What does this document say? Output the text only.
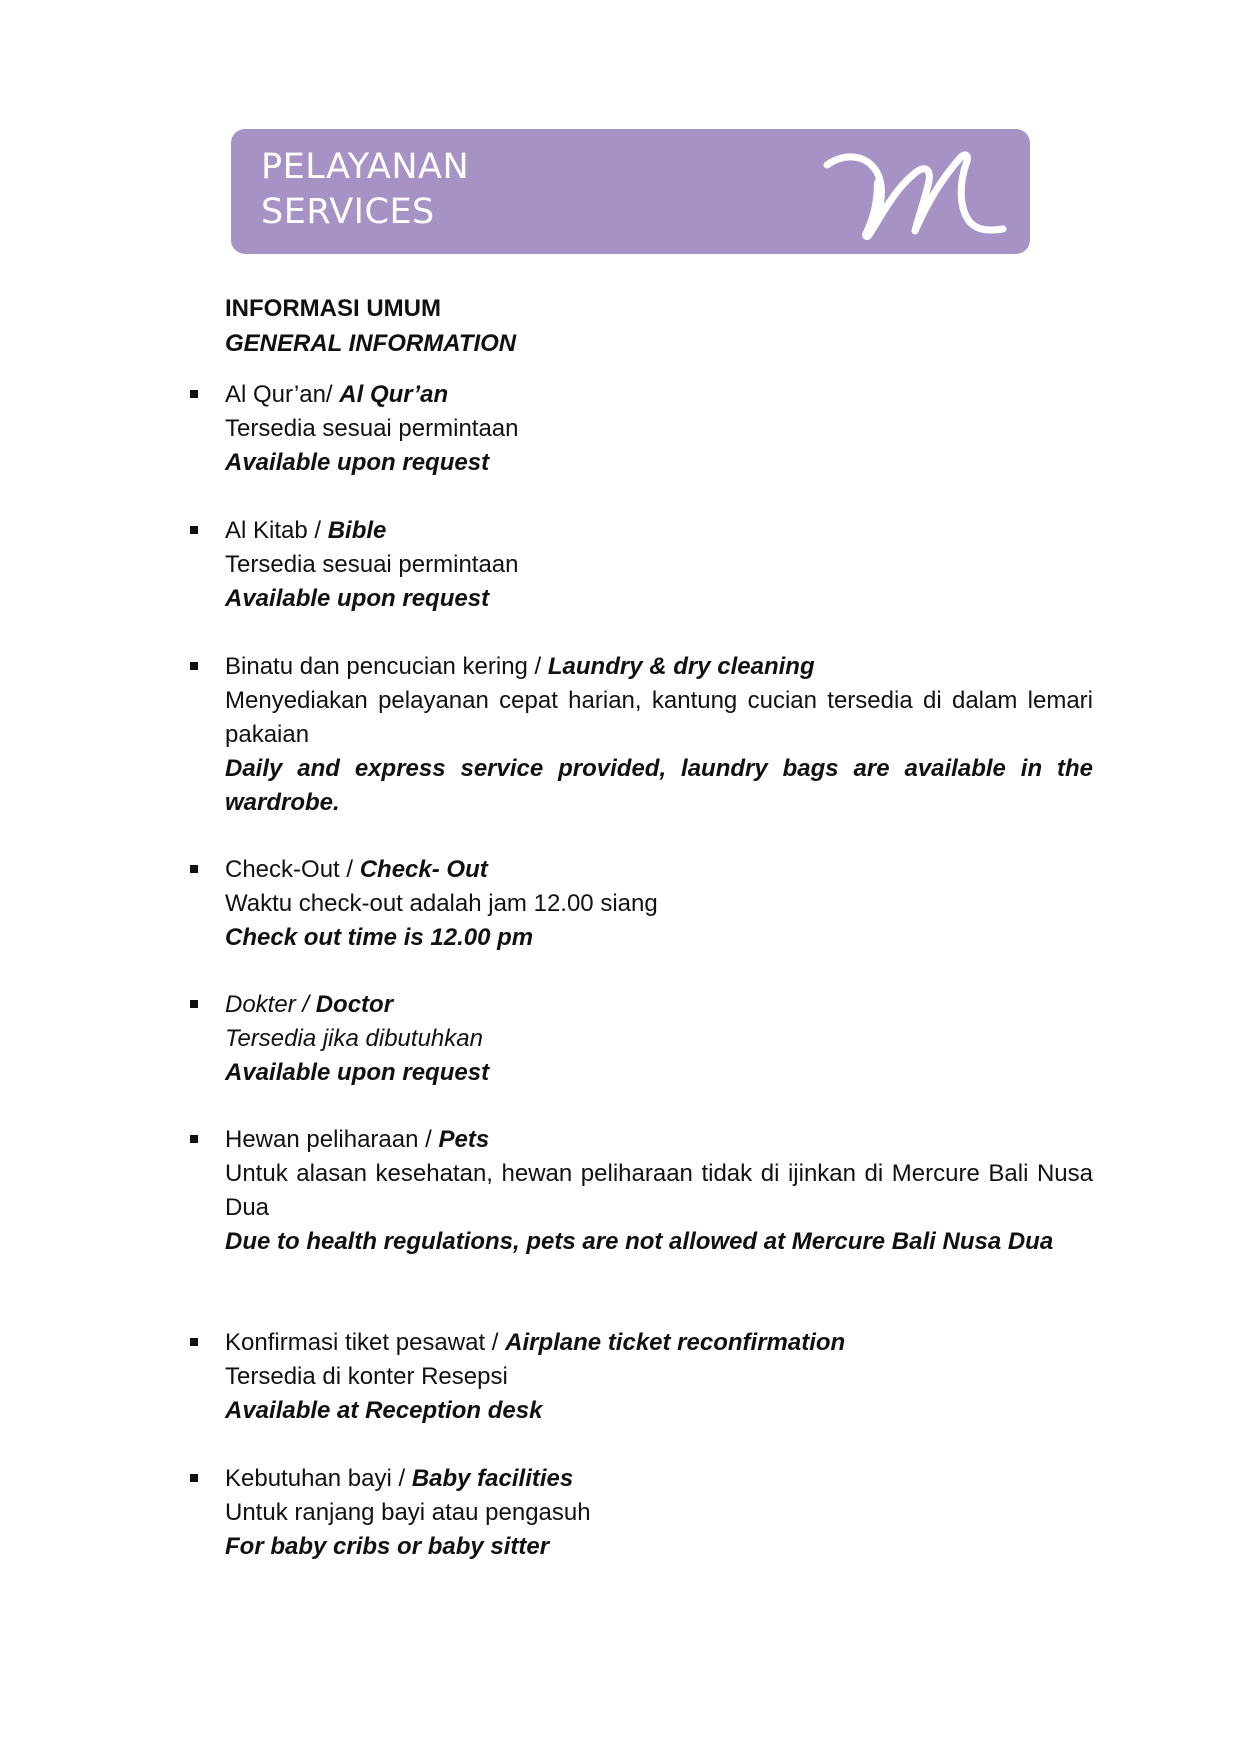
PELAYANAN
SERVICES
INFORMASI UMUM
GENERAL INFORMATION
Al Qur’an/ Al Qur’an
Tersedia sesuai permintaan
Available upon request
Al Kitab / Bible
Tersedia sesuai permintaan
Available upon request
Binatu dan pencucian kering / Laundry & dry cleaning
Menyediakan pelayanan cepat harian, kantung cucian tersedia di dalam lemari pakaian
Daily and express service provided, laundry bags are available in the wardrobe.
Check-Out / Check- Out
Waktu check-out adalah jam 12.00 siang
Check out time is 12.00 pm
Dokter / Doctor
Tersedia jika dibutuhkan
Available upon request
Hewan peliharaan / Pets
Untuk alasan kesehatan, hewan peliharaan tidak di ijinkan di Mercure Bali Nusa Dua
Due to health regulations, pets are not allowed at Mercure Bali Nusa Dua
Konfirmasi tiket pesawat / Airplane ticket reconfirmation
Tersedia di konter Resepsi
Available at Reception desk
Kebutuhan bayi / Baby facilities
Untuk ranjang bayi atau pengasuh
For baby cribs or baby sitter
